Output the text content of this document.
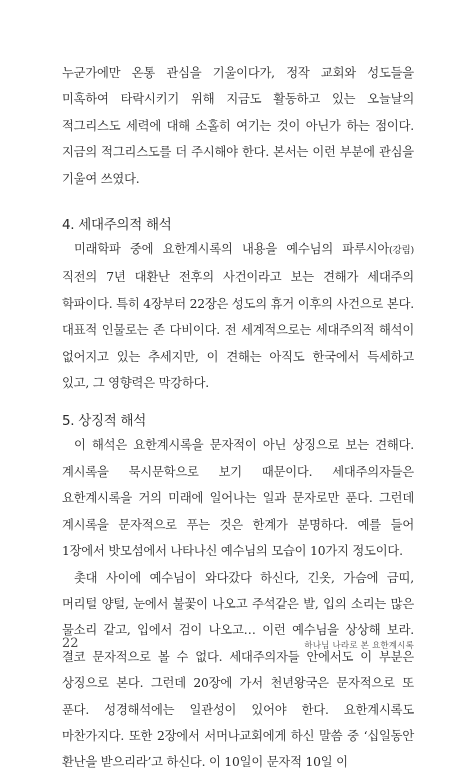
누군가에만 온통 관심을 기울이다가, 정작 교회와 성도들을 미혹하여 타락시키기 위해 지금도 활동하고 있는 오늘날의 적그리스도 세력에 대해 소홀히 여기는 것이 아닌가 하는 점이다. 지금의 적그리스도를 더 주시해야 한다. 본서는 이런 부분에 관심을 기울여 쓰였다.

4. 세대주의적 해석

미래학파 중에 요한계시록의 내용을 예수님의 파루시아(강림) 직전의 7년 대환난 전후의 사건이라고 보는 견해가 세대주의 학파이다. 특히 4장부터 22장은 성도의 휴거 이후의 사건으로 본다. 대표적 인물로는 존 다비이다. 전 세계적으로는 세대주의적 해석이 없어지고 있는 추세지만, 이 견해는 아직도 한국에서 득세하고 있고, 그 영향력은 막강하다.

5. 상징적 해석

이 해석은 요한계시록을 문자적이 아닌 상징으로 보는 견해다. 계시록을 묵시문학으로 보기 때문이다. 세대주의자들은 요한계시록을 거의 미래에 일어나는 일과 문자로만 푼다. 그런데 계시록을 문자적으로 푸는 것은 한계가 분명하다. 예를 들어 1장에서 밧모섬에서 나타나신 예수님의 모습이 10가지 정도이다.

촛대 사이에 예수님이 와다갔다 하신다, 긴옷, 가슴에 금띠, 머리털 양털, 눈에서 불꽃이 나오고 주석같은 발, 입의 소리는 많은 물소리 같고, 입에서 검이 나오고… 이런 예수님을 상상해 보라. 결코 문자적으로 볼 수 없다. 세대주의자들 안에서도 이 부분은 상징으로 본다. 그런데 20장에 가서 천년왕국은 문자적으로 또 푼다. 성경해석에는 일관성이 있어야 한다. 요한계시록도 마찬가지다. 또한 2장에서 서머나교회에게 하신 말씀 중 ‘십일동안 환난을 받으리라’고 하신다. 이 10일이 문자적 10일 이

22	하나님 나라로 본 요한계시록
